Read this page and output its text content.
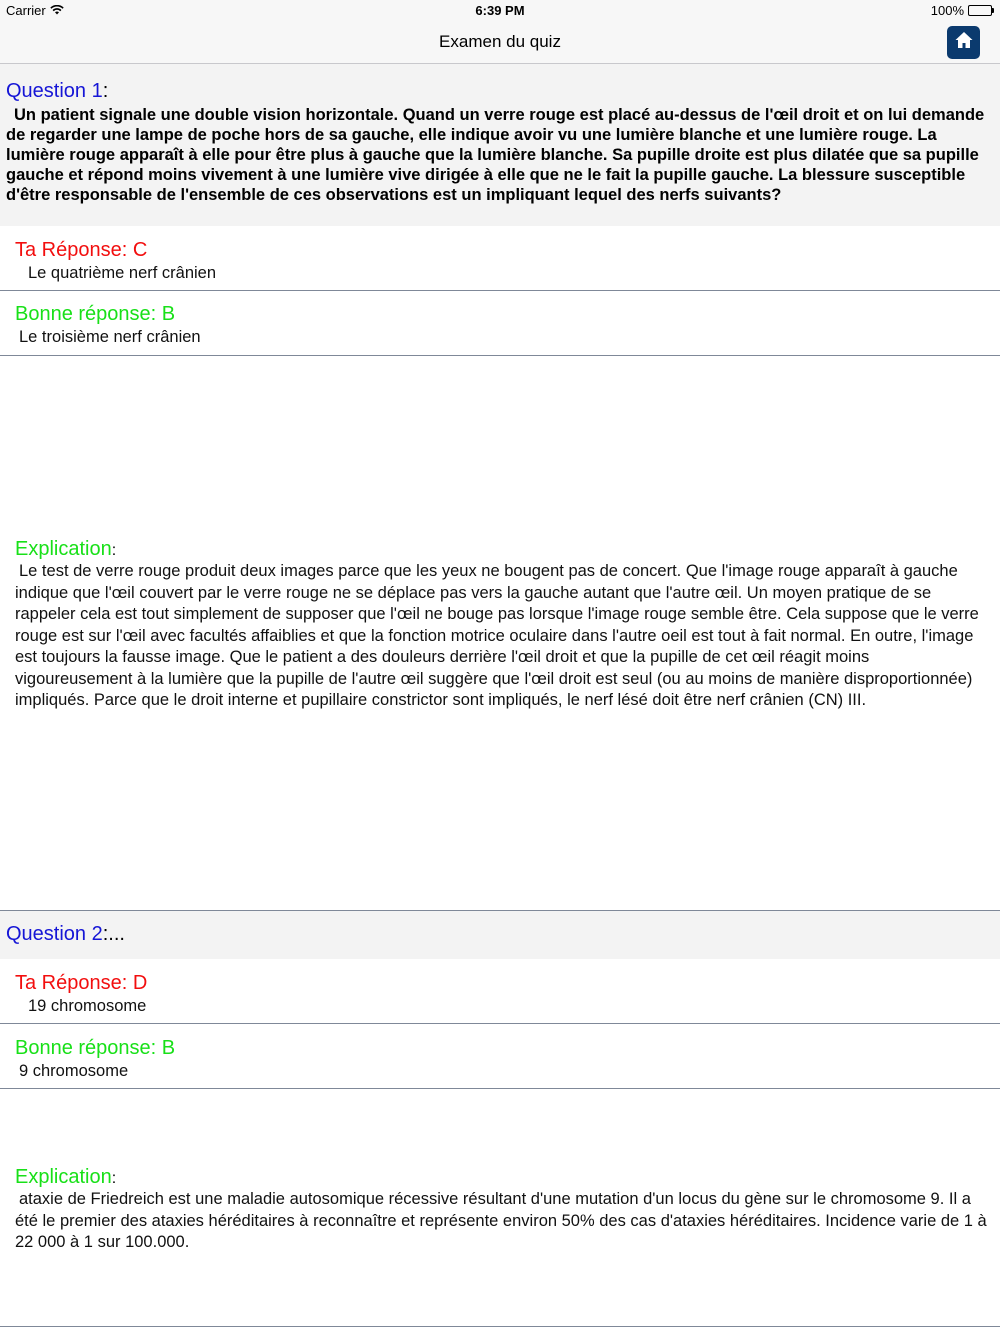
Carrier	6:39 PM	100%
Examen du quiz
Question 1:
Un patient signale une double vision horizontale. Quand un verre rouge est placé au-dessus de l'œil droit et on lui demande de regarder une lampe de poche hors de sa gauche, elle indique avoir vu une lumière blanche et une lumière rouge. La lumière rouge apparaît à elle pour être plus à gauche que la lumière blanche. Sa pupille droite est plus dilatée que sa pupille gauche et répond moins vivement à une lumière vive dirigée à elle que ne le fait la pupille gauche. La blessure susceptible d'être responsable de l'ensemble de ces observations est un impliquant lequel des nerfs suivants?
Ta Réponse: C
Le quatrième nerf crânien
Bonne réponse: B
Le troisième nerf crânien
Explication:
Le test de verre rouge produit deux images parce que les yeux ne bougent pas de concert. Que l'image rouge apparaît à gauche indique que l'œil couvert par le verre rouge ne se déplace pas vers la gauche autant que l'autre œil. Un moyen pratique de se rappeler cela est tout simplement de supposer que l'œil ne bouge pas lorsque l'image rouge semble être. Cela suppose que le verre rouge est sur l'œil avec facultés affaiblies et que la fonction motrice oculaire dans l'autre oeil est tout à fait normal. En outre, l'image est toujours la fausse image. Que le patient a des douleurs derrière l'œil droit et que la pupille de cet œil réagit moins vigoureusement à la lumière que la pupille de l'autre œil suggère que l'œil droit est seul (ou au moins de manière disproportionnée) impliqués. Parce que le droit interne et pupillaire constrictor sont impliqués, le nerf lésé doit être nerf crânien (CN) III.
Question 2:...
Ta Réponse: D
19 chromosome
Bonne réponse: B
9 chromosome
Explication:
ataxie de Friedreich est une maladie autosomique récessive résultant d'une mutation d'un locus du gène sur le chromosome 9. Il a été le premier des ataxies héréditaires à reconnaître et représente environ 50% des cas d'ataxies héréditaires. Incidence varie de 1 à 22 000 à 1 sur 100.000.
